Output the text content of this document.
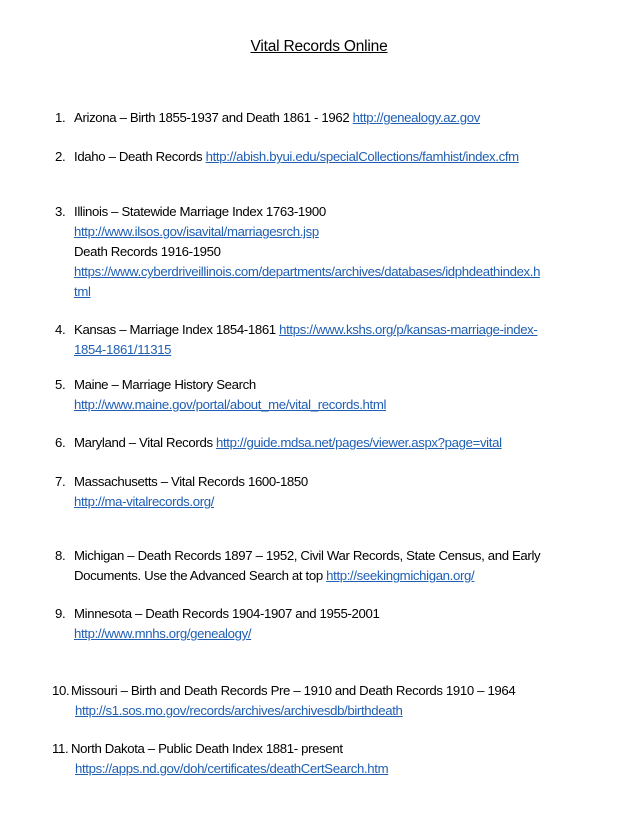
Vital Records Online
1. Arizona – Birth 1855-1937 and Death 1861 - 1962 http://genealogy.az.gov
2. Idaho – Death Records http://abish.byui.edu/specialCollections/famhist/index.cfm
3. Illinois – Statewide Marriage Index 1763-1900
http://www.ilsos.gov/isavital/marriagesrch.jsp
Death Records 1916-1950
https://www.cyberdriveillinois.com/departments/archives/databases/idphdeathindex.h
tml
4. Kansas – Marriage Index 1854-1861 https://www.kshs.org/p/kansas-marriage-index-
1854-1861/11315
5. Maine – Marriage History Search
http://www.maine.gov/portal/about_me/vital_records.html
6. Maryland – Vital Records http://guide.mdsa.net/pages/viewer.aspx?page=vital
7. Massachusetts – Vital Records 1600-1850
http://ma-vitalrecords.org/
8. Michigan – Death Records 1897 – 1952, Civil War Records, State Census, and Early
Documents. Use the Advanced Search at top http://seekingmichigan.org/
9. Minnesota – Death Records 1904-1907 and 1955-2001
http://www.mnhs.org/genealogy/
10. Missouri – Birth and Death Records Pre – 1910 and Death Records 1910 – 1964
http://s1.sos.mo.gov/records/archives/archivesdb/birthdeath
11. North Dakota – Public Death Index 1881- present
https://apps.nd.gov/doh/certificates/deathCertSearch.htm
